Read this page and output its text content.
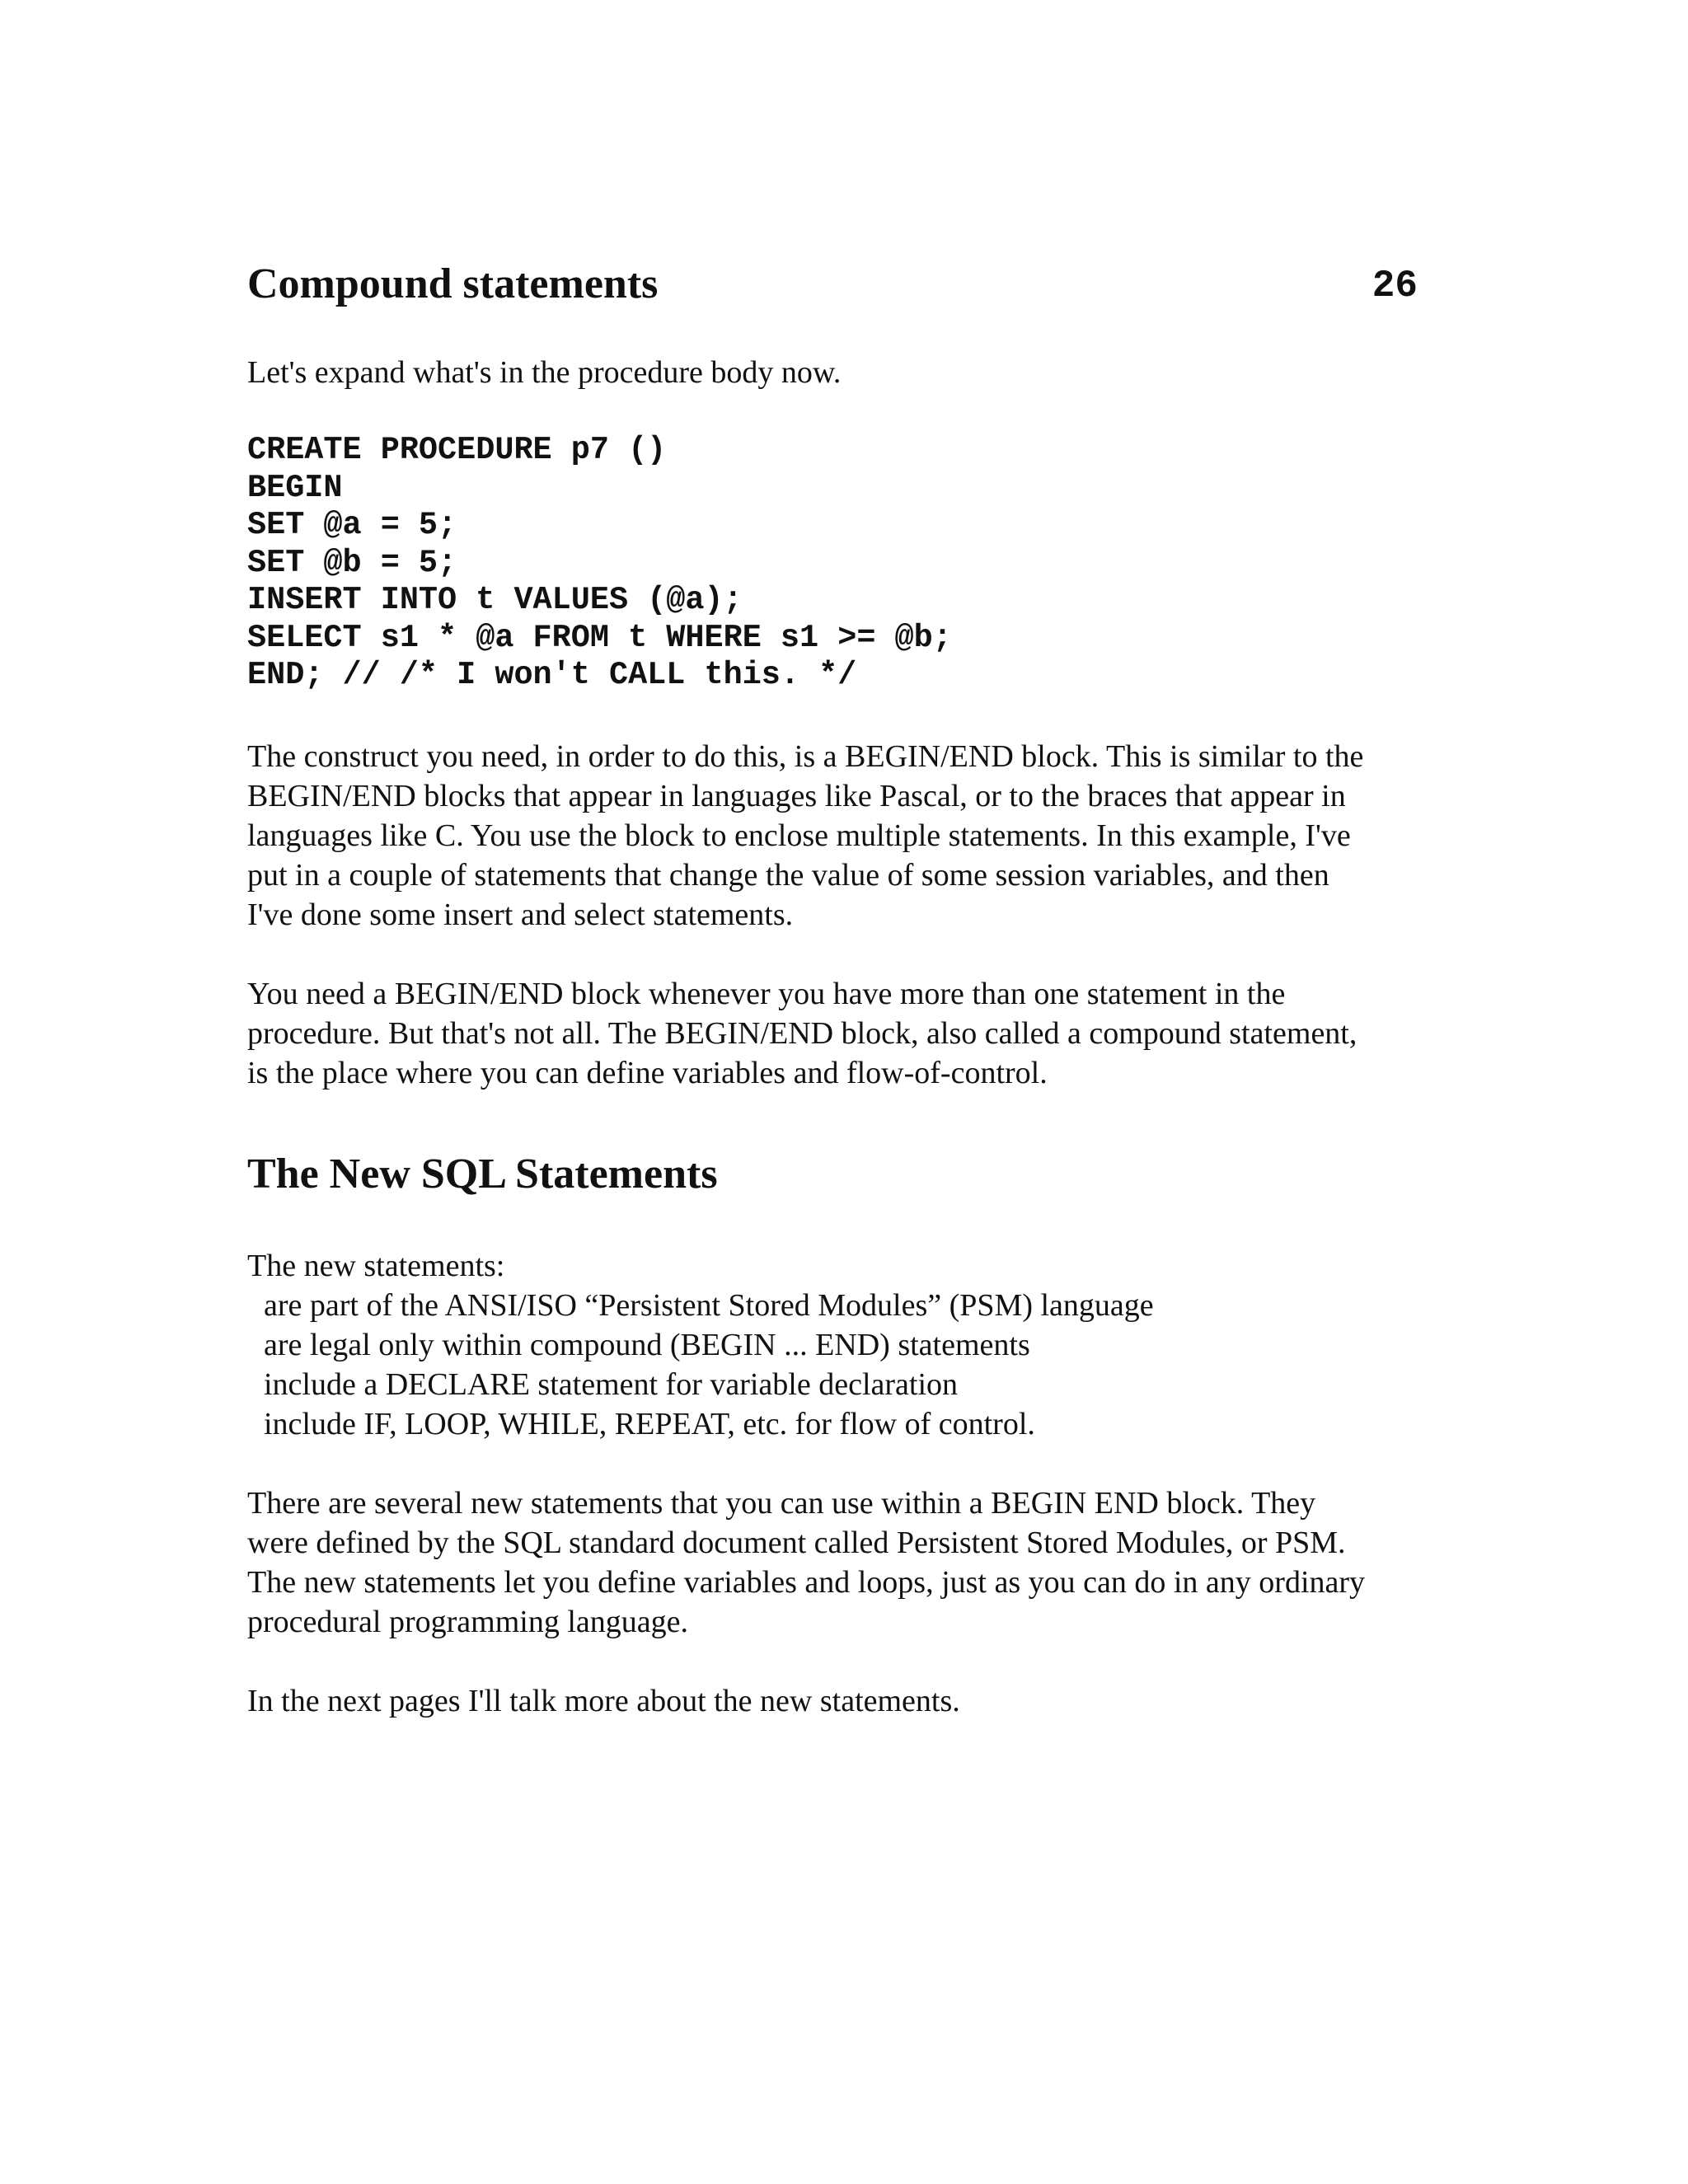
Compound statements	26

Let's expand what's in the procedure body now.

CREATE PROCEDURE p7 ()
BEGIN
SET @a = 5;
SET @b = 5;
INSERT INTO t VALUES (@a);
SELECT s1 * @a FROM t WHERE s1 >= @b;
END; // /* I won't CALL this. */

The construct you need, in order to do this, is a BEGIN/END block. This is similar to the
BEGIN/END blocks that appear in languages like Pascal, or to the braces that appear in
languages like C. You use the block to enclose multiple statements. In this example, I've
put in a couple of statements that change the value of some session variables, and then
I've done some insert and select statements.

You need a BEGIN/END block whenever you have more than one statement in the
procedure. But that's not all. The BEGIN/END block, also called a compound statement,
is the place where you can define variables and flow-of-control.

The New SQL Statements

The new statements:

are part of the ANSI/ISO “Persistent Stored Modules” (PSM) language
are legal only within compound (BEGIN ... END) statements
include a DECLARE statement for variable declaration
include IF, LOOP, WHILE, REPEAT, etc. for flow of control.

There are several new statements that you can use within a BEGIN END block. They
were defined by the SQL standard document called Persistent Stored Modules, or PSM.
The new statements let you define variables and loops, just as you can do in any ordinary
procedural programming language.

In the next pages I'll talk more about the new statements.
